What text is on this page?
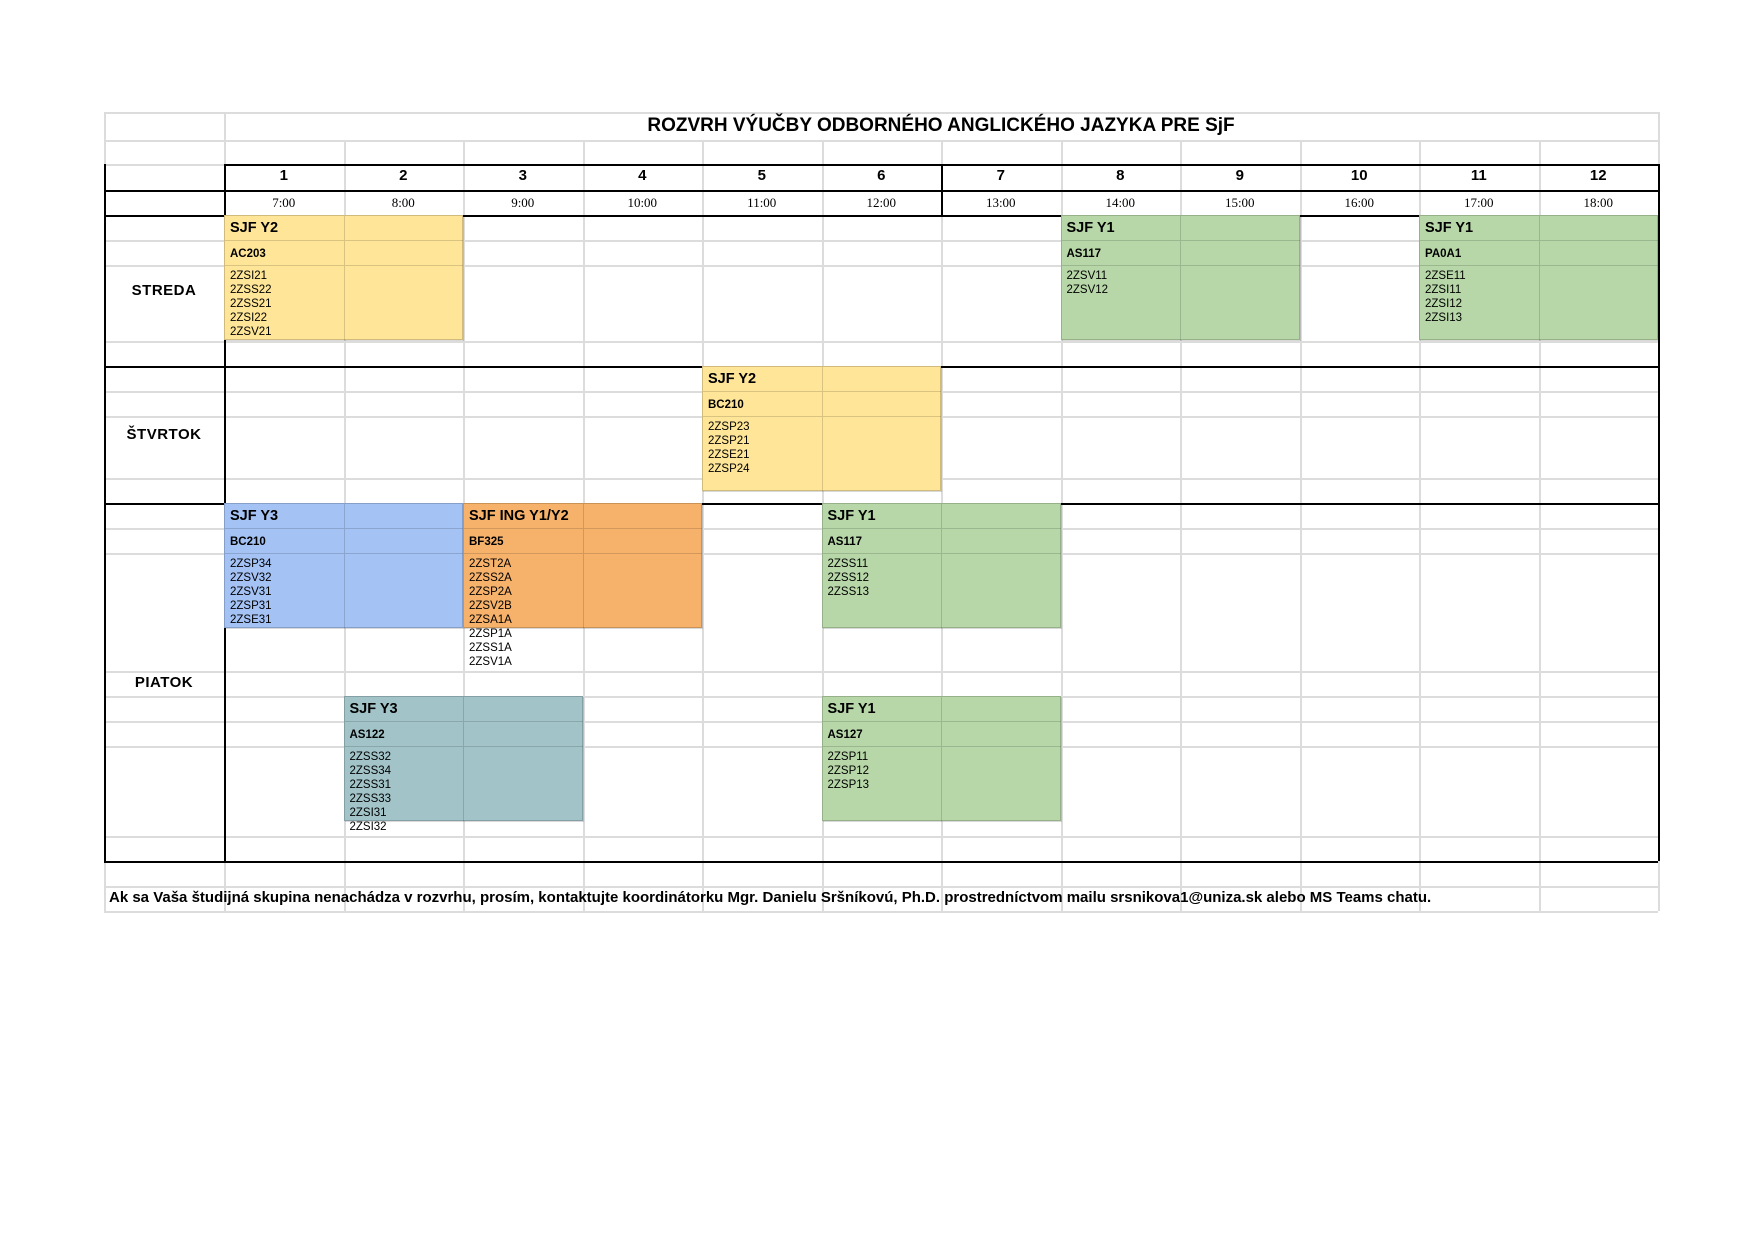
ROZVRH VÝUČBY ODBORNÉHO ANGLICKÉHO JAZYKA PRE SjF
1
7:00
2
8:00
3
9:00
4
10:00
5
11:00
6
12:00
7
13:00
8
14:00
9
15:00
10
16:00
11
17:00
12
18:00
STREDA
ŠTVRTOK
PIATOK
SJF Y2
AC203
2ZSI21
2ZSS22
2ZSS21
2ZSI22
2ZSV21
SJF Y1
AS117
2ZSV11
2ZSV12
SJF Y1
PA0A1
2ZSE11
2ZSI11
2ZSI12
2ZSI13
SJF Y2
BC210
2ZSP23
2ZSP21
2ZSE21
2ZSP24
SJF Y3
BC210
2ZSP34
2ZSV32
2ZSV31
2ZSP31
2ZSE31
SJF ING Y1/Y2
BF325
2ZST2A
2ZSS2A
2ZSP2A
2ZSV2B
2ZSA1A
2ZSP1A
2ZSS1A
2ZSV1A
SJF Y1
AS117
2ZSS11
2ZSS12
2ZSS13
SJF Y3
AS122
2ZSS32
2ZSS34
2ZSS31
2ZSS33
2ZSI31
2ZSI32
SJF Y1
AS127
2ZSP11
2ZSP12
2ZSP13
Ak sa Vaša študijná skupina nenachádza v rozvrhu, prosím, kontaktujte koordinátorku Mgr. Danielu Sršníkovú, Ph.D. prostredníctvom mailu srsnikova1@uniza.sk alebo MS Teams chatu.
